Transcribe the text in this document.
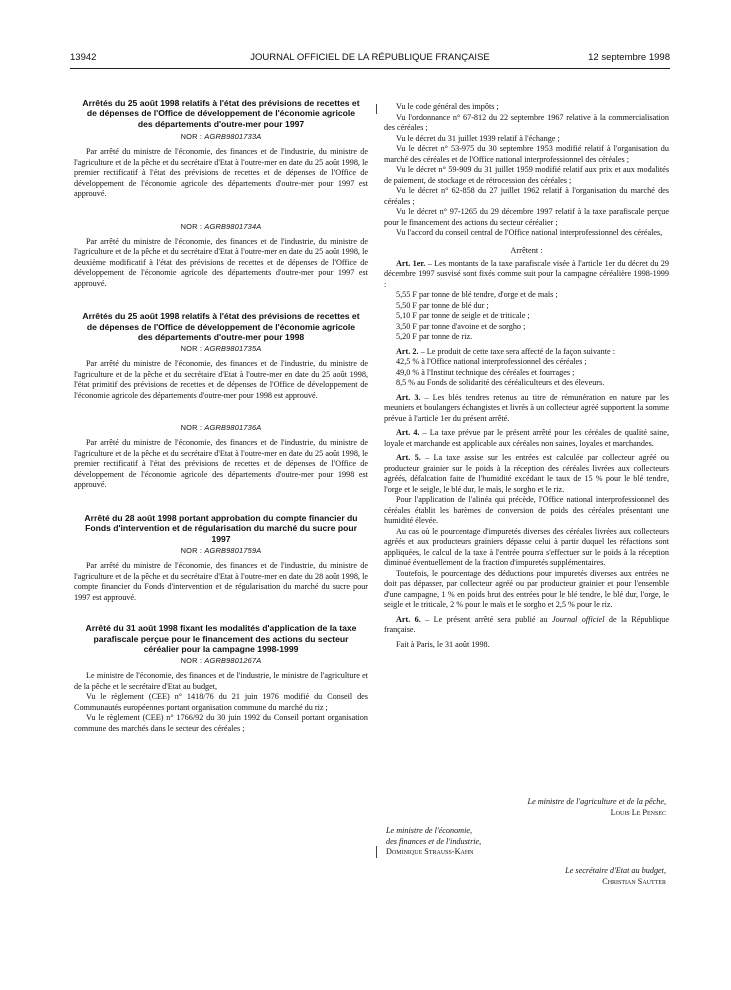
13942	JOURNAL OFFICIEL DE LA RÉPUBLIQUE FRANÇAISE	12 septembre 1998

Arrêtés du 25 août 1998 relatifs à l'état des prévisions de recettes et de dépenses de l'Office de développement de l'économie agricole des départements d'outre-mer pour 1997

NOR : AGRB9801733A

Par arrêté du ministre de l'économie, des finances et de l'industrie, du ministre de l'agriculture et de la pêche et du secrétaire d'Etat à l'outre-mer en date du 25 août 1998, le premier rectificatif à l'état des prévisions de recettes et de dépenses de l'Office de développement de l'économie agricole des départements d'outre-mer pour 1997 est approuvé.

NOR : AGRB9801734A

Par arrêté du ministre de l'économie, des finances et de l'industrie, du ministre de l'agriculture et de la pêche et du secrétaire d'Etat à l'outre-mer en date du 25 août 1998, le deuxième modificatif à l'état des prévisions de recettes et de dépenses de l'Office de développement de l'économie agricole des départements d'outre-mer pour 1997 est approuvé.

Arrêtés du 25 août 1998 relatifs à l'état des prévisions de recettes et de dépenses de l'Office de développement de l'économie agricole des départements d'outre-mer pour 1998

NOR : AGRB9801735A

Par arrêté du ministre de l'économie, des finances et de l'industrie, du ministre de l'agriculture et de la pêche et du secrétaire d'Etat à l'outre-mer en date du 25 août 1998, l'état primitif des prévisions de recettes et de dépenses de l'Office de développement de l'économie agricole des départements d'outre-mer pour 1998 est approuvé.

NOR : AGRB9801736A

Par arrêté du ministre de l'économie, des finances et de l'industrie, du ministre de l'agriculture et de la pêche et du secrétaire d'Etat à l'outre-mer en date du 25 août 1998, le premier rectificatif à l'état des prévisions de recettes et de dépenses de l'Office de développement de l'économie agricole des départements d'outre-mer pour 1998 est approuvé.

Arrêté du 28 août 1998 portant approbation du compte financier du Fonds d'intervention et de régularisation du marché du sucre pour 1997

NOR : AGRB9801759A

Par arrêté du ministre de l'économie, des finances et de l'industrie, du ministre de l'agriculture et de la pêche et du secrétaire d'Etat à l'outre-mer en date du 28 août 1998, le compte financier du Fonds d'intervention et de régularisation du marché du sucre pour 1997 est approuvé.

Arrêté du 31 août 1998 fixant les modalités d'application de la taxe parafiscale perçue pour le financement des actions du secteur céréalier pour la campagne 1998-1999

NOR : AGRB9801267A

Le ministre de l'économie, des finances et de l'industrie, le ministre de l'agriculture et de la pêche et le secrétaire d'Etat au budget,

Vu le règlement (CEE) n° 1418/76 du 21 juin 1976 modifié du Conseil des Communautés européennes portant organisation commune du marché du riz ;

Vu le règlement (CEE) n° 1766/92 du 30 juin 1992 du Conseil portant organisation commune des marchés dans le secteur des céréales ;

Vu le code général des impôts ;

Vu l'ordonnance n° 67-812 du 22 septembre 1967 relative à la commercialisation des céréales ;

Vu le décret du 31 juillet 1939 relatif à l'échange ;

Vu le décret n° 53-975 du 30 septembre 1953 modifié relatif à l'organisation du marché des céréales et de l'Office national interprofessionnel des céréales ;

Vu le décret n° 59-909 du 31 juillet 1959 modifié relatif aux prix et aux modalités de paiement, de stockage et de rétrocession des céréales ;

Vu le décret n° 62-858 du 27 juillet 1962 relatif à l'organisation du marché des céréales ;

Vu le décret n° 97-1265 du 29 décembre 1997 relatif à la taxe parafiscale perçue pour le financement des actions du secteur céréalier ;

Vu l'accord du conseil central de l'Office national interprofessionnel des céréales,

Arrêtent :

Art. 1er. – Les montants de la taxe parafiscale visée à l'article 1er du décret du 29 décembre 1997 susvisé sont fixés comme suit pour la campagne céréalière 1998-1999 :

5,55 F par tonne de blé tendre, d'orge et de maïs ;

5,50 F par tonne de blé dur ;

5,10 F par tonne de seigle et de triticale ;

3,50 F par tonne d'avoine et de sorgho ;

5,20 F par tonne de riz.

Art. 2. – Le produit de cette taxe sera affecté de la façon suivante :

42,5 % à l'Office national interprofessionnel des céréales ;

49,0 % à l'Institut technique des céréales et fourrages ;

8,5 % au Fonds de solidarité des céréaliculteurs et des éleveurs.

Art. 3. – Les blés tendres retenus au titre de rémunération en nature par les meuniers et boulangers échangistes et livrés à un collecteur agréé supportent la somme prévue à l'article 1er du présent arrêté.

Art. 4. – La taxe prévue par le présent arrêté pour les céréales de qualité saine, loyale et marchande est applicable aux céréales non saines, loyales et marchandes.

Art. 5. – La taxe assise sur les entrées est calculée par collecteur agréé ou producteur grainier sur le poids à la réception des céréales livrées aux collecteurs agréés, défalcation faite de l'humidité excédant le taux de 15 % pour le blé tendre, l'orge et le seigle, le blé dur, le maïs, le sorgho et le riz.

Pour l'application de l'alinéa qui précède, l'Office national interprofessionnel des céréales établit les barèmes de conversion de poids des céréales présentant une humidité élevée.

Au cas où le pourcentage d'impuretés diverses des céréales livrées aux collecteurs agréés et aux producteurs grainiers dépasse celui à partir duquel les réfactions sont appliquées, le calcul de la taxe à l'entrée pourra s'effectuer sur le poids à la réception diminué éventuellement de la fraction d'impuretés supplémentaires.

Toutefois, le pourcentage des déductions pour impuretés diverses aux entrées ne doit pas dépasser, par collecteur agréé ou par producteur grainier et pour l'ensemble d'une campagne, 1 % en poids brut des entrées pour le blé tendre, le blé dur, l'orge, le seigle et le triticale, 2 % pour le maïs et le sorgho et 2,5 % pour le riz.

Art. 6. – Le présent arrêté sera publié au Journal officiel de la République française.

Fait à Paris, le 31 août 1998.

Le ministre de l'agriculture et de la pêche,
Louis Le Pensec
Le ministre de l'économie,
des finances et de l'industrie,
Dominique Strauss-Kahn
Le secrétaire d'Etat au budget,
Christian Sautter
